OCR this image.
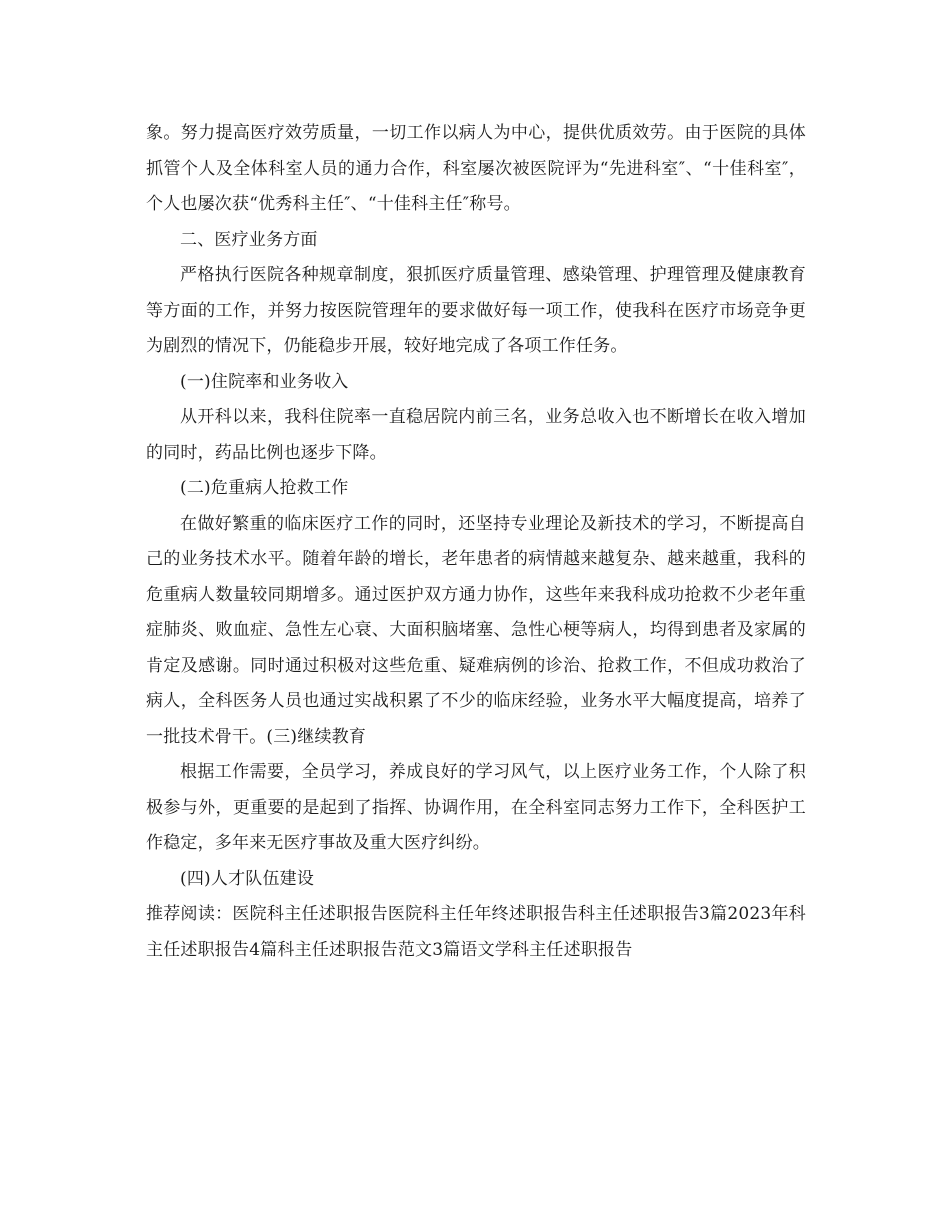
象。努力提高医疗效劳质量，一切工作以病人为中心，提供优质效劳。由于医院的具体抓管个人及全体科室人员的通力合作，科室屡次被医院评为“先进科室″、“十佳科室″，个人也屡次获“优秀科主任″、“十佳科主任″称号。

二、医疗业务方面

严格执行医院各种规章制度，狠抓医疗质量管理、感染管理、护理管理及健康教育等方面的工作，并努力按医院管理年的要求做好每一项工作，使我科在医疗市场竞争更为剧烈的情况下，仍能稳步开展，较好地完成了各项工作任务。

(一)住院率和业务收入

从开科以来，我科住院率一直稳居院内前三名，业务总收入也不断增长在收入增加的同时，药品比例也逐步下降。

(二)危重病人抢救工作

在做好繁重的临床医疗工作的同时，还坚持专业理论及新技术的学习，不断提高自己的业务技术水平。随着年龄的增长，老年患者的病情越来越复杂、越来越重，我科的危重病人数量较同期增多。通过医护双方通力协作，这些年来我科成功抢救不少老年重症肺炎、败血症、急性左心衰、大面积脑堵塞、急性心梗等病人，均得到患者及家属的肯定及感谢。同时通过积极对这些危重、疑难病例的诊治、抢救工作，不但成功救治了病人，全科医务人员也通过实战积累了不少的临床经验，业务水平大幅度提高，培养了一批技术骨干。(三)继续教育

根据工作需要，全员学习，养成良好的学习风气，以上医疗业务工作，个人除了积极参与外，更重要的是起到了指挥、协调作用，在全科室同志努力工作下，全科医护工作稳定，多年来无医疗事故及重大医疗纠纷。

(四)人才队伍建设

推荐阅读：医院科主任述职报告医院科主任年终述职报告科主任述职报告3篇2023年科主任述职报告4篇科主任述职报告范文3篇语文学科主任述职报告
